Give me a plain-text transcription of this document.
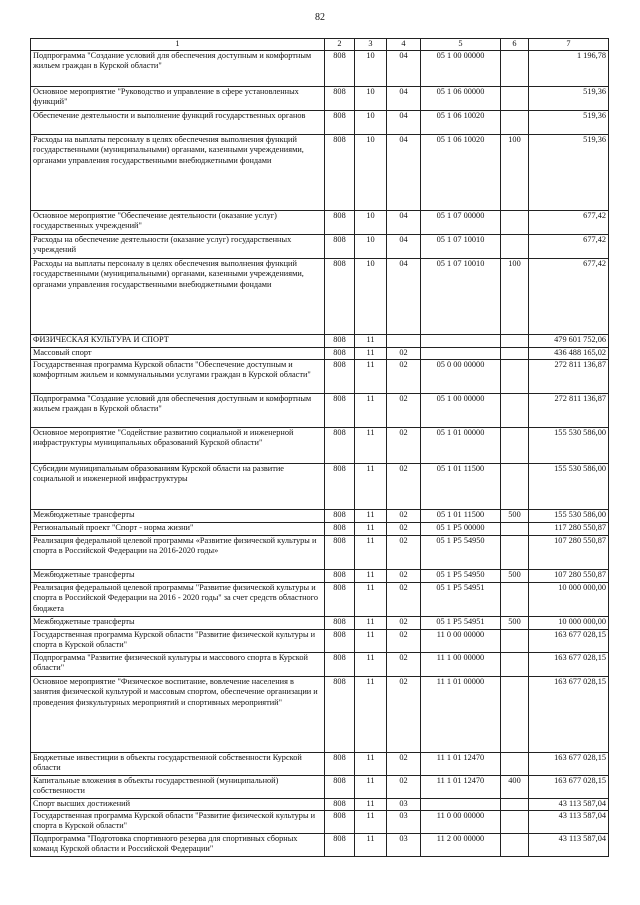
82
1	2	3	4	5	6	7
Подпрограмма "Создание условий для обеспечения доступным и комфортным жильем граждан в Курской области"	808	10	04	05 1 00 00000		1 196,78
Основное мероприятие "Руководство и управление в сфере установленных функций"	808	10	04	05 1 06 00000		519,36
Обеспечение деятельности и выполнение функций государственных органов	808	10	04	05 1 06 10020		519,36
Расходы на выплаты персоналу в целях обеспечения выполнения функций государственными (муниципальными) органами, казенными учреждениями, органами управления государственными внебюджетными фондами	808	10	04	05 1 06 10020	100	519,36
Основное мероприятие "Обеспечение деятельности (оказание услуг) государственных учреждений"	808	10	04	05 1 07 00000		677,42
Расходы на обеспечение деятельности (оказание услуг) государственных учреждений	808	10	04	05 1 07 10010		677,42
Расходы на выплаты персоналу в целях обеспечения выполнения функций государственными (муниципальными) органами, казенными учреждениями, органами управления государственными внебюджетными фондами	808	10	04	05 1 07 10010	100	677,42
ФИЗИЧЕСКАЯ КУЛЬТУРА И СПОРТ	808	11				479 601 752,06
Массовый спорт	808	11	02			436 488 165,02
Государственная программа Курской области "Обеспечение доступным и комфортным жильем и коммунальными услугами граждан в Курской области"	808	11	02	05 0 00 00000		272 811 136,87
Подпрограмма "Создание условий для обеспечения доступным и комфортным жильем граждан в Курской области"	808	11	02	05 1 00 00000		272 811 136,87
Основное мероприятие "Содействие развитию социальной и инженерной инфраструктуры муниципальных образований Курской области"	808	11	02	05 1 01 00000		155 530 586,00
Субсидии муниципальным образованиям Курской области на развитие социальной и инженерной инфраструктуры	808	11	02	05 1 01 11500		155 530 586,00
Межбюджетные трансферты	808	11	02	05 1 01 11500	500	155 530 586,00
Региональный проект "Спорт - норма жизни"	808	11	02	05 1 P5 00000		117 280 550,87
Реализация федеральной целевой программы «Развитие физической культуры и спорта в Российской Федерации на 2016-2020 годы»	808	11	02	05 1 P5 54950		107 280 550,87
Межбюджетные трансферты	808	11	02	05 1 P5 54950	500	107 280 550,87
Реализация федеральной целевой программы "Развитие физической культуры и спорта в Российской Федерации на 2016 - 2020 годы" за счет средств областного бюджета	808	11	02	05 1 P5 54951		10 000 000,00
Межбюджетные трансферты	808	11	02	05 1 P5 54951	500	10 000 000,00
Государственная программа Курской области "Развитие физической культуры и спорта в Курской области"	808	11	02	11 0 00 00000		163 677 028,15
Подпрограмма "Развитие физической культуры и массового спорта в Курской области"	808	11	02	11 1 00 00000		163 677 028,15
Основное мероприятие "Физическое воспитание, вовлечение населения в занятия физической культурой и массовым спортом, обеспечение организации и проведения физкультурных мероприятий и спортивных мероприятий"	808	11	02	11 1 01 00000		163 677 028,15
Бюджетные инвестиции в объекты государственной собственности Курской области	808	11	02	11 1 01 12470		163 677 028,15
Капитальные вложения в объекты государственной (муниципальной) собственности	808	11	02	11 1 01 12470	400	163 677 028,15
Спорт высших достижений	808	11	03			43 113 587,04
Государственная программа Курской области "Развитие физической культуры и спорта в Курской области"	808	11	03	11 0 00 00000		43 113 587,04
Подпрограмма "Подготовка спортивного резерва для спортивных сборных команд Курской области и Российской Федерации"	808	11	03	11 2 00 00000		43 113 587,04
